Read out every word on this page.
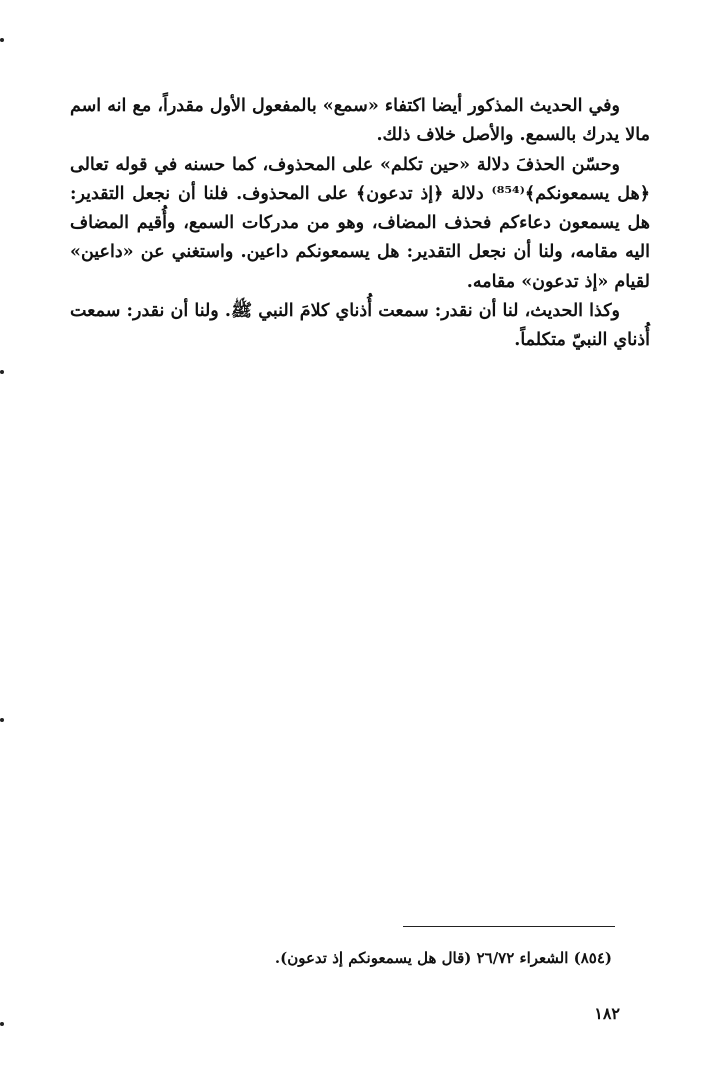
وفي الحديث المذكور أيضا اكتفاء «سمع» بالمفعول الأول مقدراً، مع انه اسم مالا يدرك بالسمع. والأصل خلاف ذلك.

وحسّن الحذفَ دلالة «حين تكلم» على المحذوف، كما حسنه في قوله تعالى ﴿هل يسمعونكم﴾⁽⁸⁵⁴⁾ دلالة ﴿إذ تدعون﴾ على المحذوف. فلنا أن نجعل التقدير: هل يسمعون دعاءكم فحذف المضاف، وهو من مدركات السمع، وأُقيم المضاف اليه مقامه، ولنا أن نجعل التقدير: هل يسمعونكم داعين. واستغني عن «داعين» لقيام «إذ تدعون» مقامه.

وكذا الحديث، لنا أن نقدر: سمعت أُذناي كلامَ النبي ﷺ. ولنا أن نقدر: سمعت أُذناي النبيّ متكلماً.

(٨٥٤) الشعراء ٢٦/٧٢ (قال هل يسمعونكم إذ تدعون).
١٨٢
